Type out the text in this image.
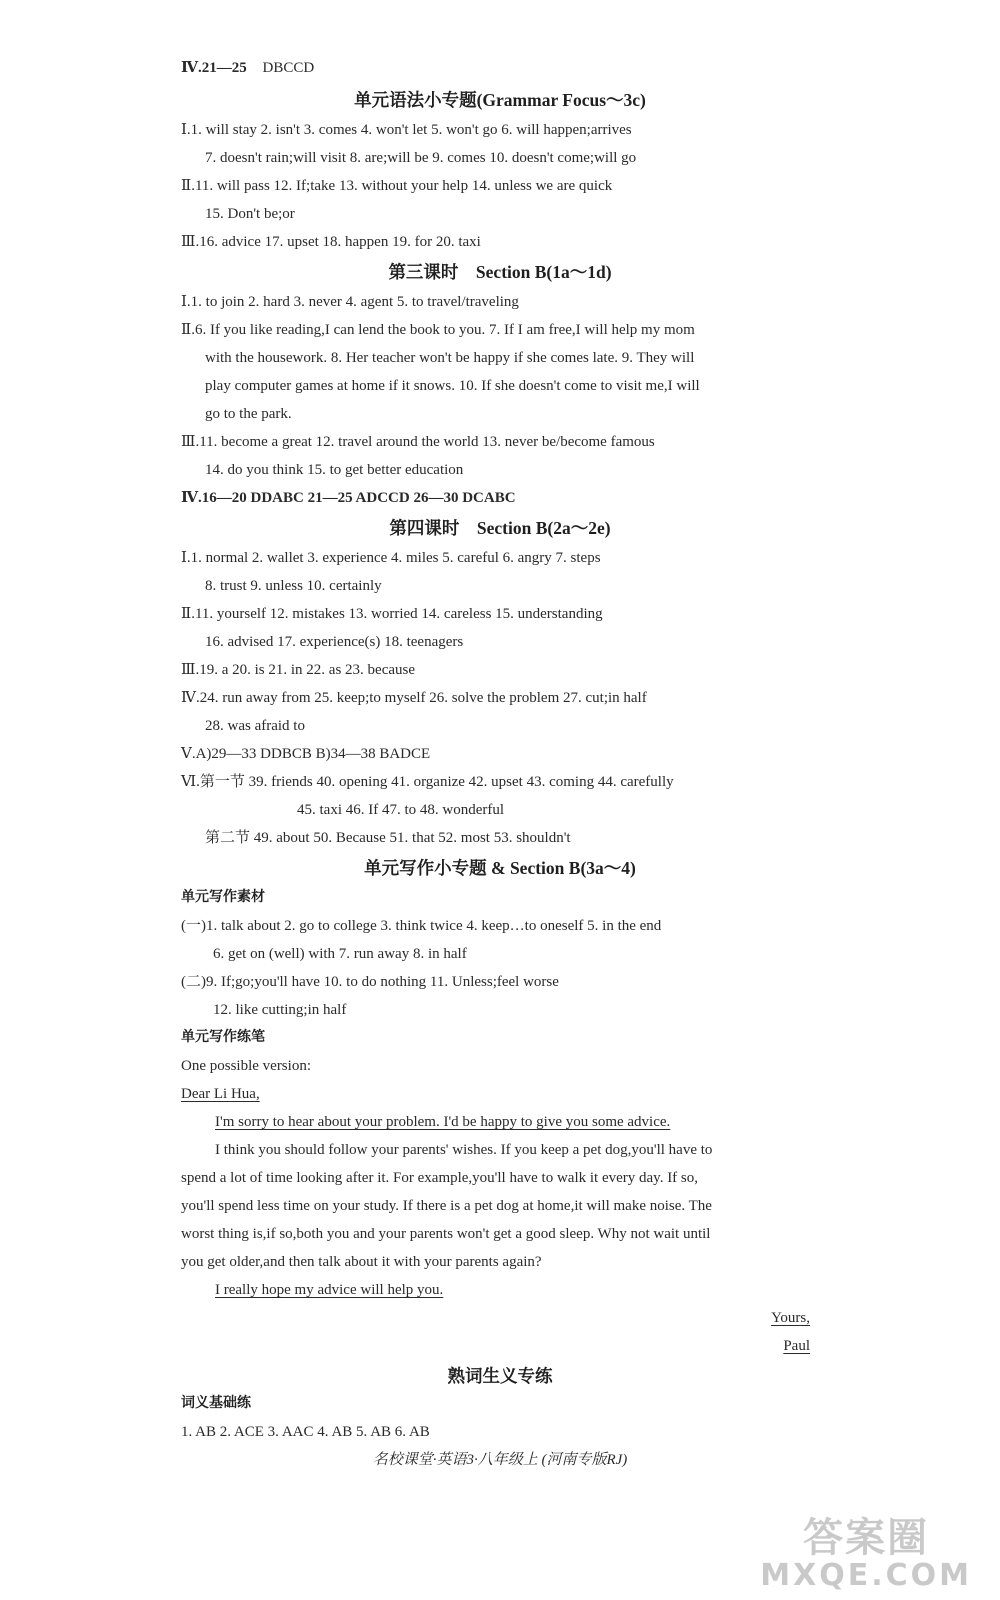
Ⅳ.21—25 DBCCD
单元语法小专题(Grammar Focus～3c)
Ⅰ.1. will stay 2. isn't 3. comes 4. won't let 5. won't go 6. will happen;arrives
7. doesn't rain;will visit 8. are;will be 9. comes 10. doesn't come;will go
Ⅱ.11. will pass 12. If;take 13. without your help 14. unless we are quick
15. Don't be;or
Ⅲ.16. advice 17. upset 18. happen 19. for 20. taxi
第三课时　Section B(1a～1d)
Ⅰ.1. to join 2. hard 3. never 4. agent 5. to travel/traveling
Ⅱ.6. If you like reading,I can lend the book to you. 7. If I am free,I will help my mom
with the housework. 8. Her teacher won't be happy if she comes late. 9. They will
play computer games at home if it snows. 10. If she doesn't come to visit me,I will
go to the park.
Ⅲ.11. become a great 12. travel around the world 13. never be/become famous
14. do you think 15. to get better education
Ⅳ.16—20 DDABC 21—25 ADCCD 26—30 DCABC
第四课时　Section B(2a～2e)
Ⅰ.1. normal 2. wallet 3. experience 4. miles 5. careful 6. angry 7. steps
8. trust 9. unless 10. certainly
Ⅱ.11. yourself 12. mistakes 13. worried 14. careless 15. understanding
16. advised 17. experience(s) 18. teenagers
Ⅲ.19. a 20. is 21. in 22. as 23. because
Ⅳ.24. run away from 25. keep;to myself 26. solve the problem 27. cut;in half
28. was afraid to
Ⅴ.A)29—33 DDBCB B)34—38 BADCE
Ⅵ.第一节 39. friends 40. opening 41. organize 42. upset 43. coming 44. carefully
45. taxi 46. If 47. to 48. wonderful
第二节 49. about 50. Because 51. that 52. most 53. shouldn't
单元写作小专题 & Section B(3a～4)
单元写作素材
(一)1. talk about 2. go to college 3. think twice 4. keep…to oneself 5. in the end
6. get on (well) with 7. run away 8. in half
(二)9. If;go;you'll have 10. to do nothing 11. Unless;feel worse
12. like cutting;in half
单元写作练笔
One possible version:
Dear Li Hua,
I'm sorry to hear about your problem. I'd be happy to give you some advice.
I think you should follow your parents' wishes. If you keep a pet dog,you'll have to
spend a lot of time looking after it. For example,you'll have to walk it every day. If so,
you'll spend less time on your study. If there is a pet dog at home,it will make noise. The
worst thing is,if so,both you and your parents won't get a good sleep. Why not wait until
you get older,and then talk about it with your parents again?
I really hope my advice will help you.
Yours,
Paul
熟词生义专练
词义基础练
1. AB 2. ACE 3. AAC 4. AB 5. AB 6. AB
名校课堂·英语3·八年级上 (河南专版RJ)
答案圈
MXQE.COM
